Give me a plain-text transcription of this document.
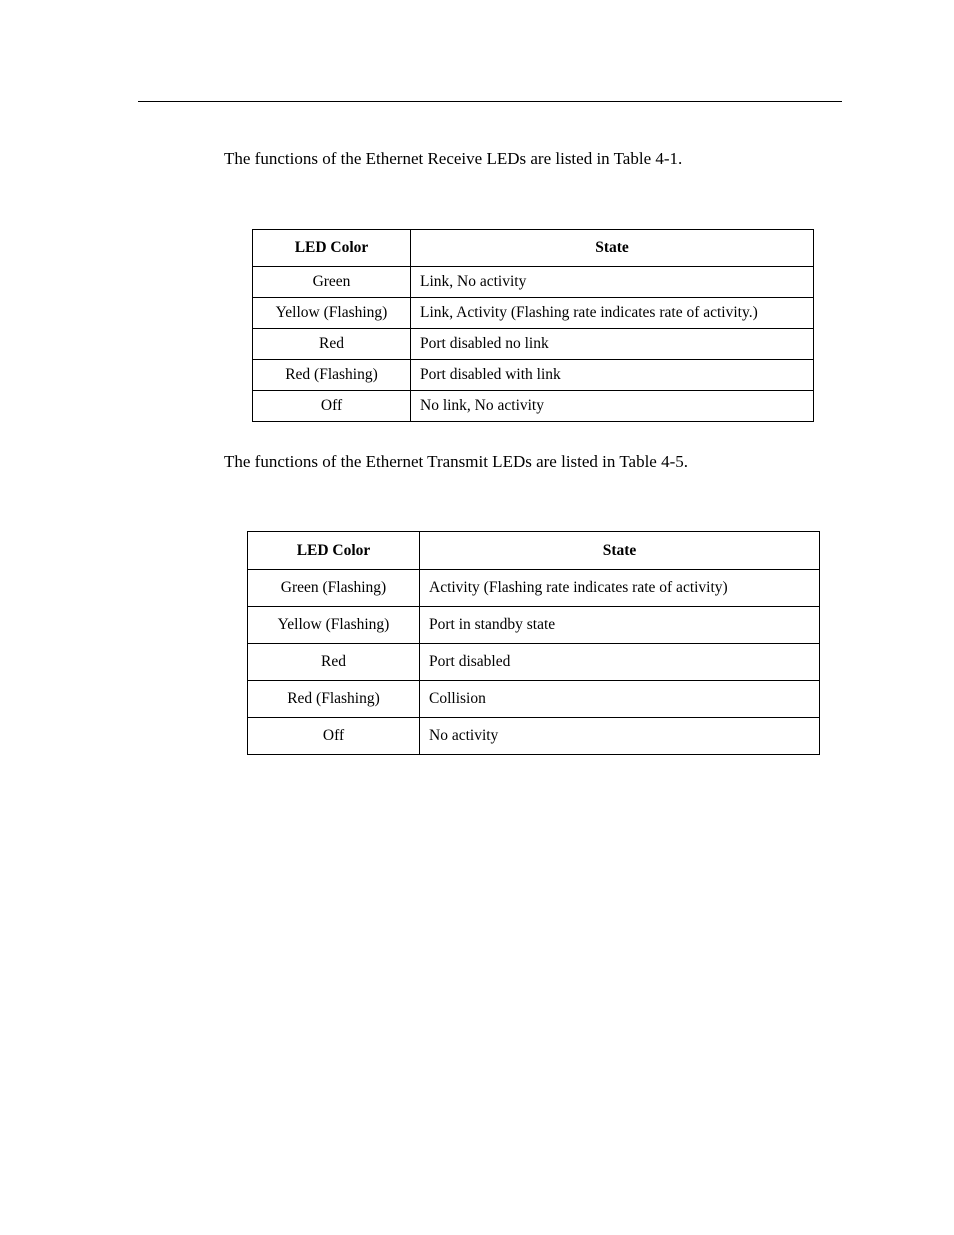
The functions of the Ethernet Receive LEDs are listed in Table 4-1.

LED Color	State
Green	Link, No activity
Yellow (Flashing)	Link, Activity (Flashing rate indicates rate of activity.)
Red	Port disabled no link
Red (Flashing)	Port disabled with link
Off	No link, No activity

The functions of the Ethernet Transmit LEDs are listed in Table 4-5.

LED Color	State
Green (Flashing)	Activity (Flashing rate indicates rate of activity)
Yellow (Flashing)	Port in standby state
Red	Port disabled
Red (Flashing)	Collision
Off	No activity
